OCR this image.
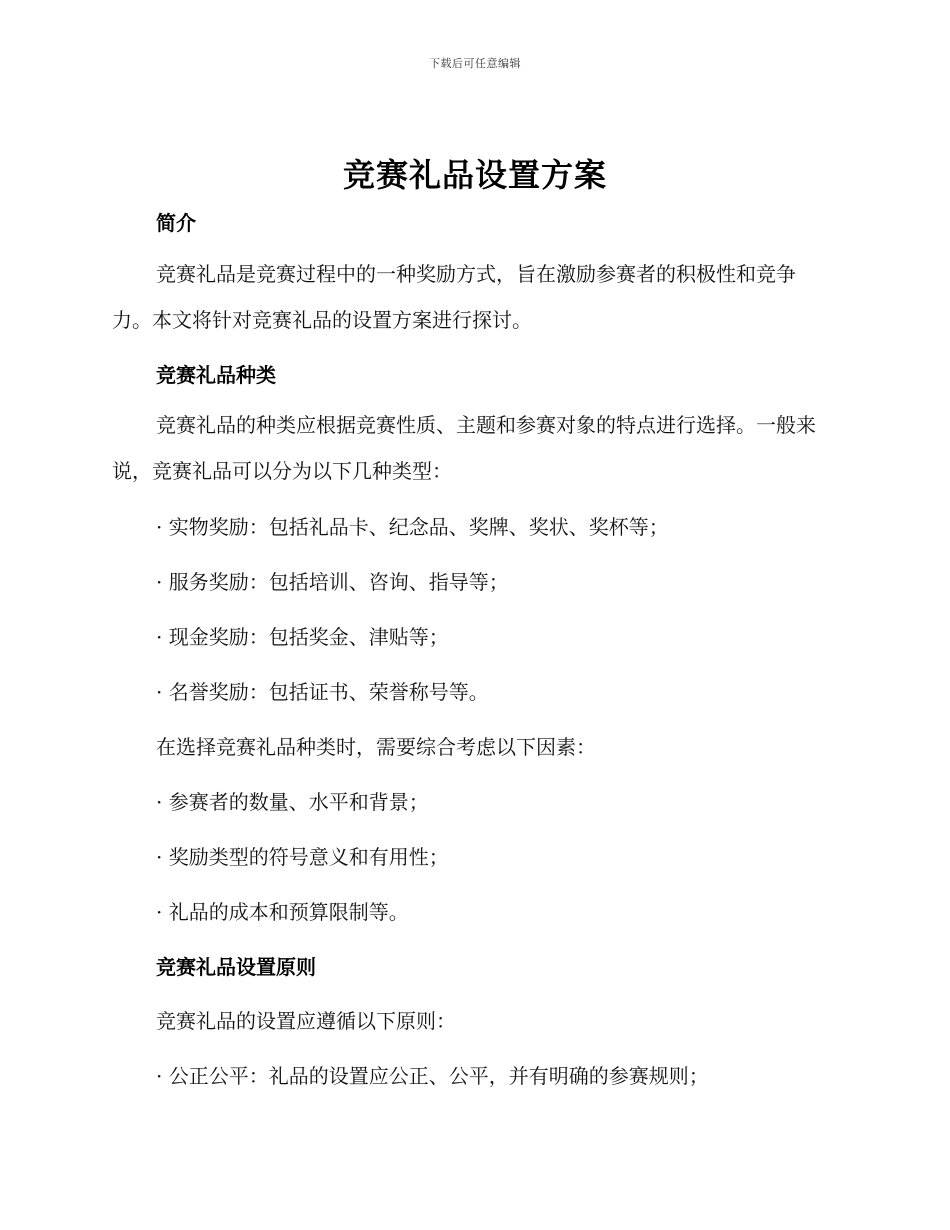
下载后可任意编辑
竞赛礼品设置方案
简介
竞赛礼品是竞赛过程中的一种奖励方式，旨在激励参赛者的积极性和竞争力。本文将针对竞赛礼品的设置方案进行探讨。
竞赛礼品种类
竞赛礼品的种类应根据竞赛性质、主题和参赛对象的特点进行选择。一般来说，竞赛礼品可以分为以下几种类型：
· 实物奖励：包括礼品卡、纪念品、奖牌、奖状、奖杯等；
· 服务奖励：包括培训、咨询、指导等；
· 现金奖励：包括奖金、津贴等；
· 名誉奖励：包括证书、荣誉称号等。
在选择竞赛礼品种类时，需要综合考虑以下因素：
· 参赛者的数量、水平和背景；
· 奖励类型的符号意义和有用性；
· 礼品的成本和预算限制等。
竞赛礼品设置原则
竞赛礼品的设置应遵循以下原则：
· 公正公平：礼品的设置应公正、公平，并有明确的参赛规则；
